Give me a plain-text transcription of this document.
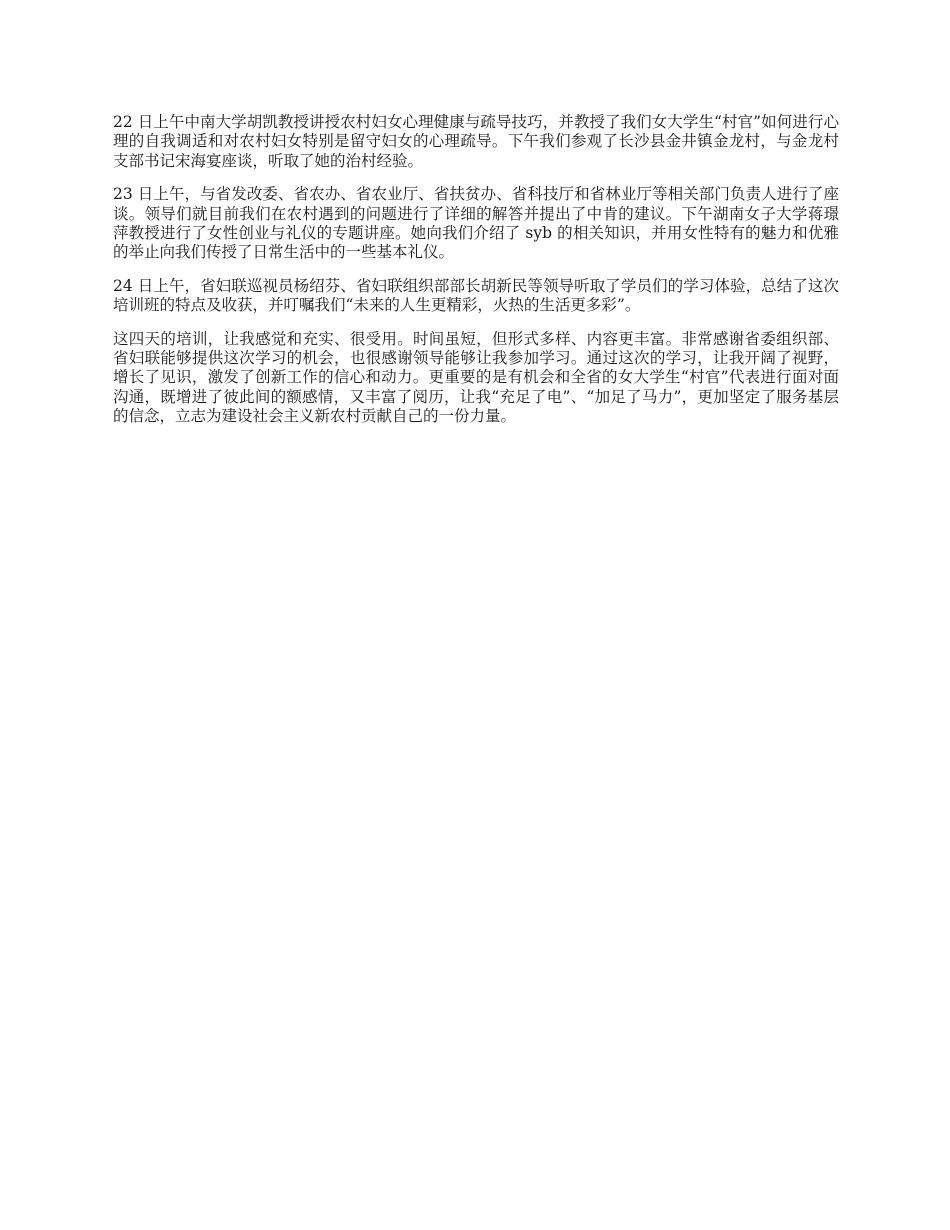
22 日上午中南大学胡凯教授讲授农村妇女心理健康与疏导技巧，并教授了我们女大学生“村官”如何进行心理的自我调适和对农村妇女特别是留守妇女的心理疏导。下午我们参观了长沙县金井镇金龙村，与金龙村支部书记宋海宴座谈，听取了她的治村经验。

23 日上午，与省发改委、省农办、省农业厅、省扶贫办、省科技厅和省林业厅等相关部门负责人进行了座谈。领导们就目前我们在农村遇到的问题进行了详细的解答并提出了中肯的建议。下午湖南女子大学蒋璟萍教授进行了女性创业与礼仪的专题讲座。她向我们介绍了 syb 的相关知识，并用女性特有的魅力和优雅的举止向我们传授了日常生活中的一些基本礼仪。

24 日上午，省妇联巡视员杨绍芬、省妇联组织部部长胡新民等领导听取了学员们的学习体验，总结了这次培训班的特点及收获，并叮嘱我们“未来的人生更精彩，火热的生活更多彩”。

这四天的培训，让我感觉和充实、很受用。时间虽短，但形式多样、内容更丰富。非常感谢省委组织部、省妇联能够提供这次学习的机会，也很感谢领导能够让我参加学习。通过这次的学习，让我开阔了视野，增长了见识，激发了创新工作的信心和动力。更重要的是有机会和全省的女大学生“村官”代表进行面对面沟通，既增进了彼此间的额感情，又丰富了阅历，让我“充足了电”、“加足了马力”，更加坚定了服务基层的信念，立志为建设社会主义新农村贡献自己的一份力量。
